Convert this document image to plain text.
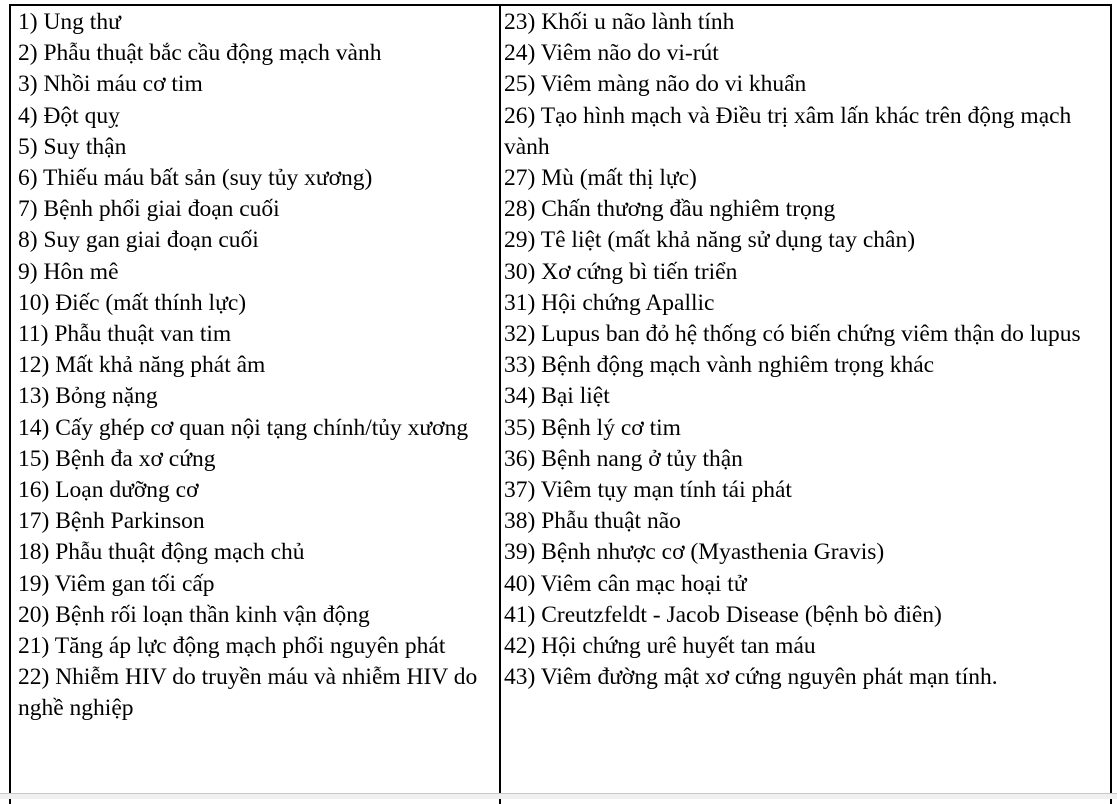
1) Ung thư
2) Phẫu thuật bắc cầu động mạch vành
3) Nhồi máu cơ tim
4) Đột quỵ
5) Suy thận
6) Thiếu máu bất sản (suy tủy xương)
7) Bệnh phổi giai đoạn cuối
8) Suy gan giai đoạn cuối
9) Hôn mê
10) Điếc (mất thính lực)
11) Phẫu thuật van tim
12) Mất khả năng phát âm
13) Bỏng nặng
14) Cấy ghép cơ quan nội tạng chính/tủy xương
15) Bệnh đa xơ cứng
16) Loạn dưỡng cơ
17) Bệnh Parkinson
18) Phẫu thuật động mạch chủ
19) Viêm gan tối cấp
20) Bệnh rối loạn thần kinh vận động
21) Tăng áp lực động mạch phổi nguyên phát
22) Nhiễm HIV do truyền máu và nhiễm HIV do nghề nghiệp
23) Khối u não lành tính
24) Viêm não do vi-rút
25) Viêm màng não do vi khuẩn
26) Tạo hình mạch và Điều trị xâm lấn khác trên động mạch vành
27) Mù (mất thị lực)
28) Chấn thương đầu nghiêm trọng
29) Tê liệt (mất khả năng sử dụng tay chân)
30) Xơ cứng bì tiến triển
31) Hội chứng Apallic
32) Lupus ban đỏ hệ thống có biến chứng viêm thận do lupus
33) Bệnh động mạch vành nghiêm trọng khác
34) Bại liệt
35) Bệnh lý cơ tim
36) Bệnh nang ở tủy thận
37) Viêm tụy mạn tính tái phát
38) Phẫu thuật não
39) Bệnh nhược cơ (Myasthenia Gravis)
40) Viêm cân mạc hoại tử
41) Creutzfeldt - Jacob Disease (bệnh bò điên)
42) Hội chứng urê huyết tan máu
43) Viêm đường mật xơ cứng nguyên phát mạn tính.
